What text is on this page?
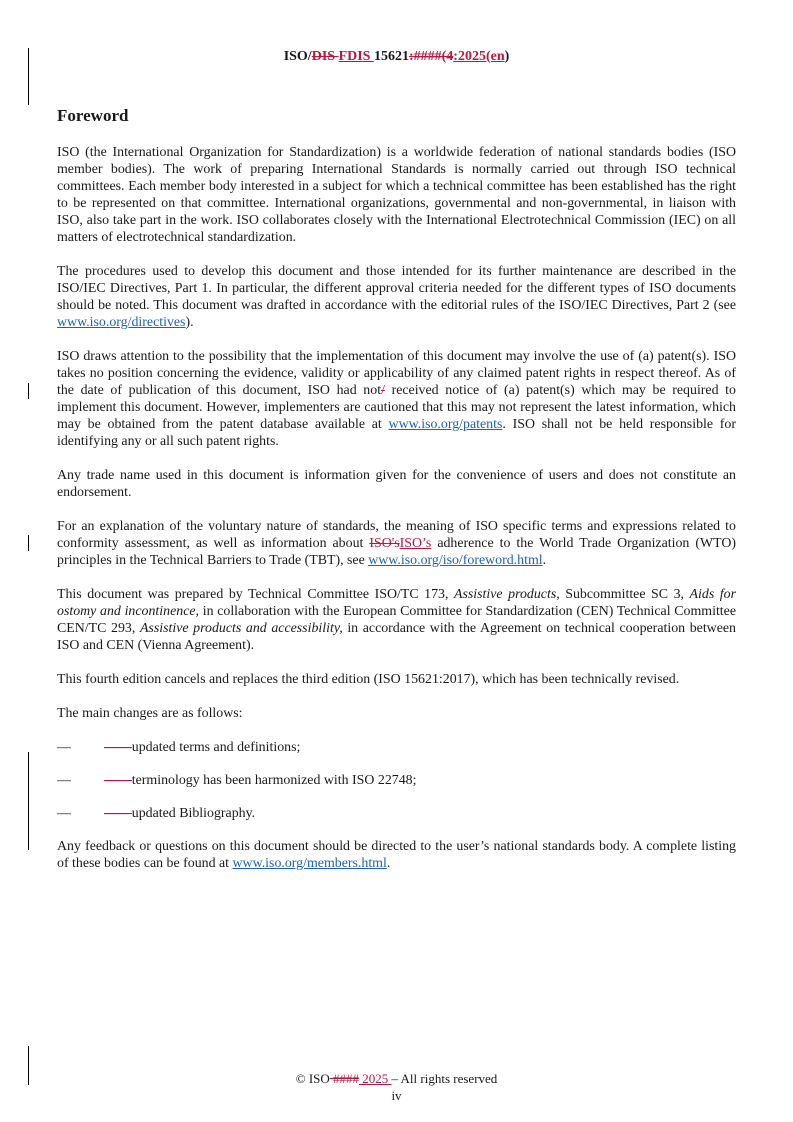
ISO/DIS FDIS 15621:####(4:2025(en)
Foreword

ISO (the International Organization for Standardization) is a worldwide federation of national standards bodies (ISO member bodies). The work of preparing International Standards is normally carried out through ISO technical committees. Each member body interested in a subject for which a technical committee has been established has the right to be represented on that committee. International organizations, governmental and non-governmental, in liaison with ISO, also take part in the work. ISO collaborates closely with the International Electrotechnical Commission (IEC) on all matters of electrotechnical standardization.

The procedures used to develop this document and those intended for its further maintenance are described in the ISO/IEC Directives, Part 1. In particular, the different approval criteria needed for the different types of ISO documents should be noted. This document was drafted in accordance with the editorial rules of the ISO/IEC Directives, Part 2 (see www.iso.org/directives).

ISO draws attention to the possibility that the implementation of this document may involve the use of (a) patent(s). ISO takes no position concerning the evidence, validity or applicability of any claimed patent rights in respect thereof. As of the date of publication of this document, ISO had not/ received notice of (a) patent(s) which may be required to implement this document. However, implementers are cautioned that this may not represent the latest information, which may be obtained from the patent database available at www.iso.org/patents. ISO shall not be held responsible for identifying any or all such patent rights.

Any trade name used in this document is information given for the convenience of users and does not constitute an endorsement.

For an explanation of the voluntary nature of standards, the meaning of ISO specific terms and expressions related to conformity assessment, as well as information about ISO'sISO’s adherence to the World Trade Organization (WTO) principles in the Technical Barriers to Trade (TBT), see www.iso.org/iso/foreword.html.

This document was prepared by Technical Committee ISO/TC 173, Assistive products, Subcommittee SC 3, Aids for ostomy and incontinence, in collaboration with the European Committee for Standardization (CEN) Technical Committee CEN/TC 293, Assistive products and accessibility, in accordance with the Agreement on technical cooperation between ISO and CEN (Vienna Agreement).

This fourth edition cancels and replaces the third edition (ISO 15621:2017), which has been technically revised.

The main changes are as follows:

— ——updated terms and definitions;

— ——terminology has been harmonized with ISO 22748;

— ——updated Bibliography.

Any feedback or questions on this document should be directed to the user’s national standards body. A complete listing of these bodies can be found at www.iso.org/members.html.

© ISO #### 2025 – All rights reserved
iv
